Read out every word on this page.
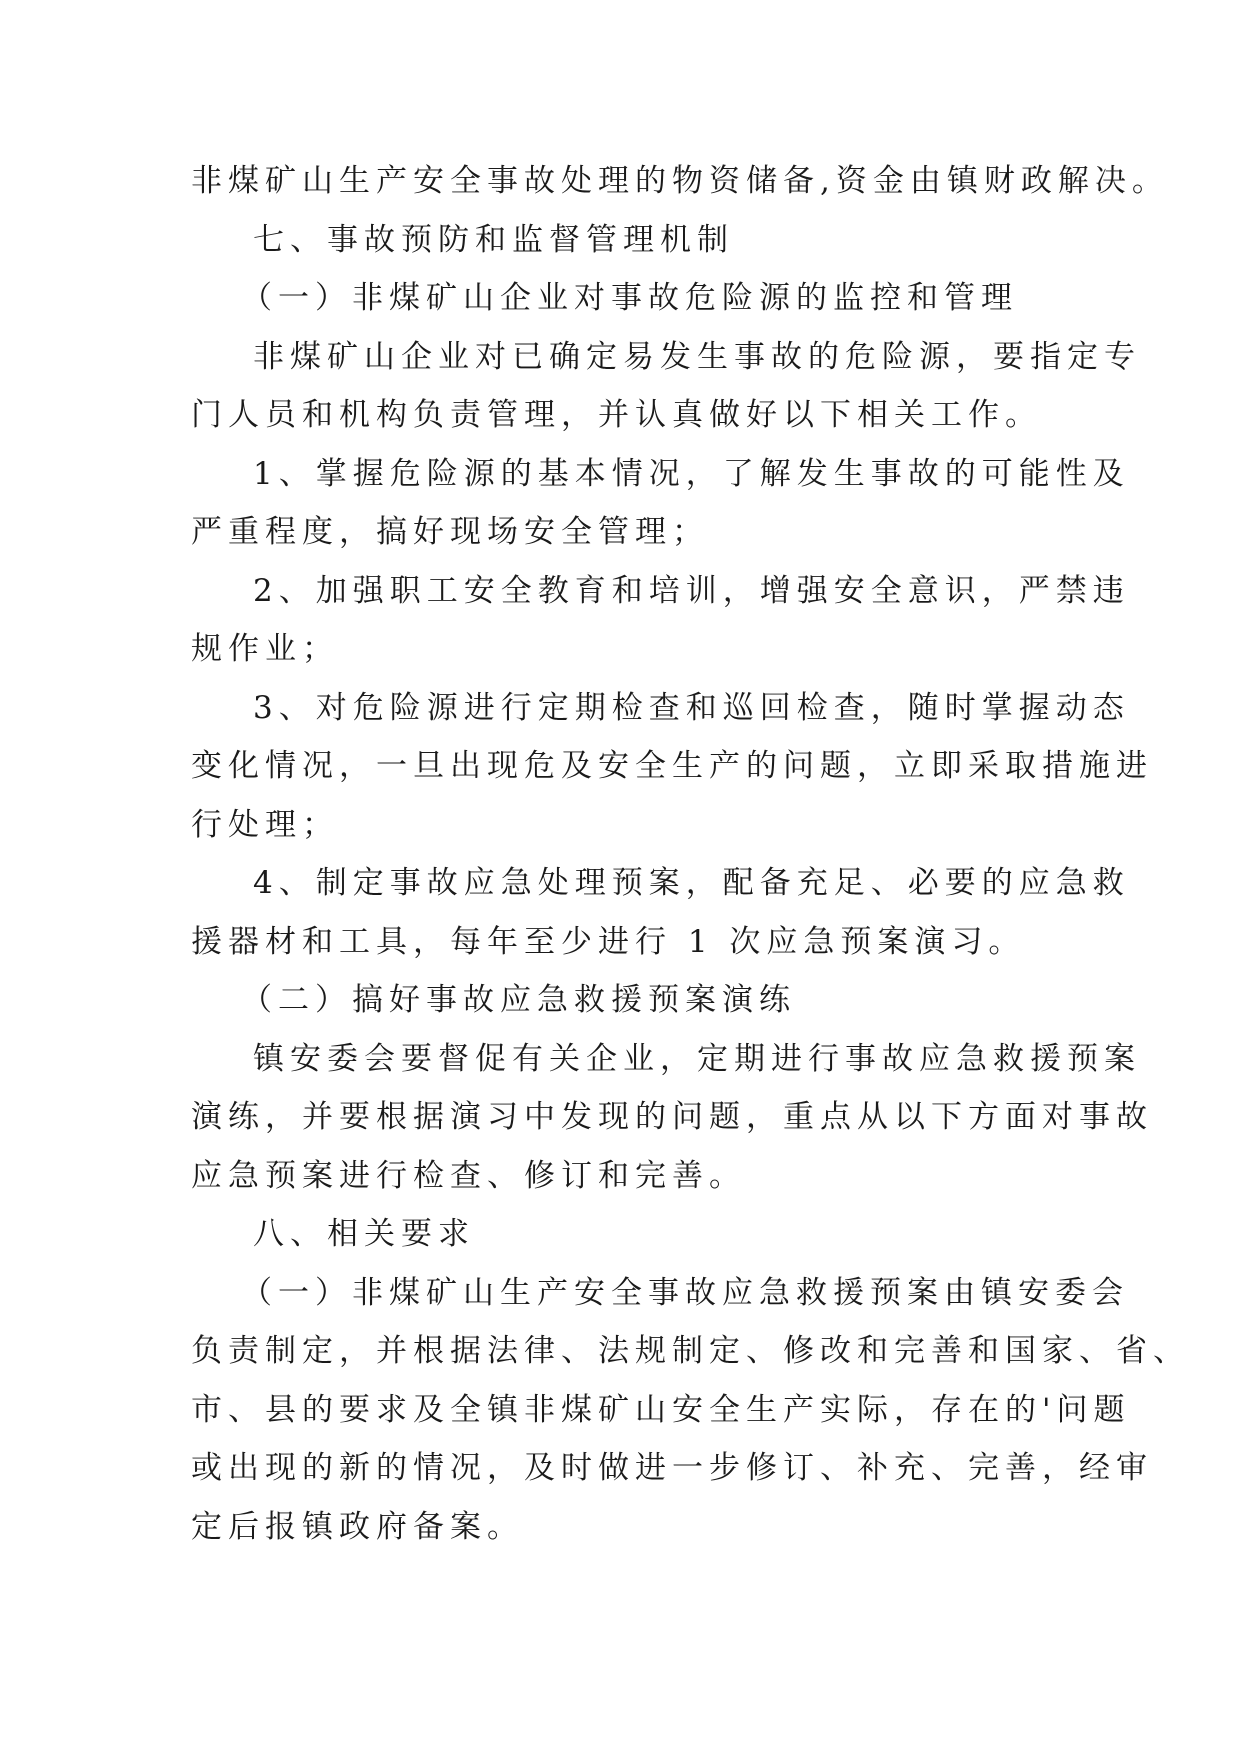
非煤矿山生产安全事故处理的物资储备,资金由镇财政解决。

七、事故预防和监督管理机制

（一）非煤矿山企业对事故危险源的监控和管理

非煤矿山企业对已确定易发生事故的危险源，要指定专

门人员和机构负责管理，并认真做好以下相关工作。

1、掌握危险源的基本情况，了解发生事故的可能性及

严重程度，搞好现场安全管理；

2、加强职工安全教育和培训，增强安全意识，严禁违

规作业；

3、对危险源进行定期检查和巡回检查，随时掌握动态

变化情况，一旦出现危及安全生产的问题，立即采取措施进

行处理；

4、制定事故应急处理预案，配备充足、必要的应急救

援器材和工具，每年至少进行 1 次应急预案演习。

（二）搞好事故应急救援预案演练

镇安委会要督促有关企业，定期进行事故应急救援预案

演练，并要根据演习中发现的问题，重点从以下方面对事故

应急预案进行检查、修订和完善。

八、相关要求

（一）非煤矿山生产安全事故应急救援预案由镇安委会

负责制定，并根据法律、法规制定、修改和完善和国家、省、

市、县的要求及全镇非煤矿山安全生产实际，存在的'问题

或出现的新的情况，及时做进一步修订、补充、完善，经审

定后报镇政府备案。
